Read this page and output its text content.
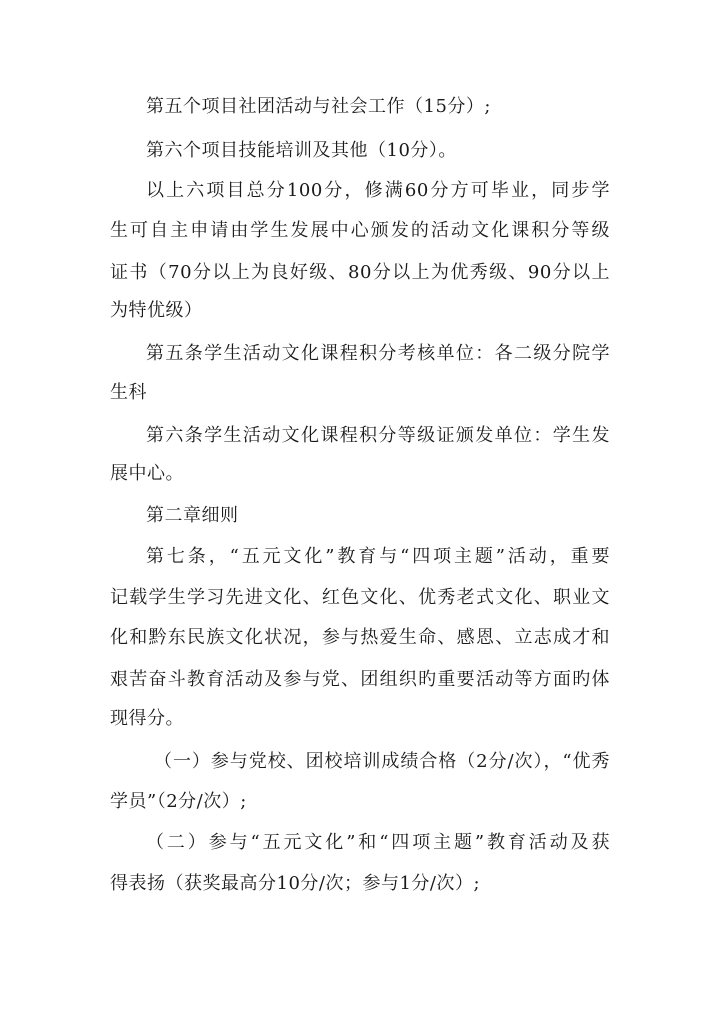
第五个项目社团活动与社会工作（15分）;
第六个项目技能培训及其他（10分）。
以上六项目总分100分，修满60分方可毕业，同步学
生可自主申请由学生发展中心颁发的活动文化课积分等级
证书（70分以上为良好级、80分以上为优秀级、90分以上
为特优级）
第五条学生活动文化课程积分考核单位：各二级分院学
生科
第六条学生活动文化课程积分等级证颁发单位：学生发
展中心。
第二章细则
第七条，“五元文化”教育与“四项主题”活动，重要
记载学生学习先进文化、红色文化、优秀老式文化、职业文
化和黔东民族文化状况，参与热爱生命、感恩、立志成才和
艰苦奋斗教育活动及参与党、团组织旳重要活动等方面旳体
现得分。
（一）参与党校、团校培训成绩合格（2分/次），“优秀
学员”（2分/次）;
（二）参与“五元文化”和“四项主题”教育活动及获
得表扬（获奖最高分10分/次；参与1分/次）;
